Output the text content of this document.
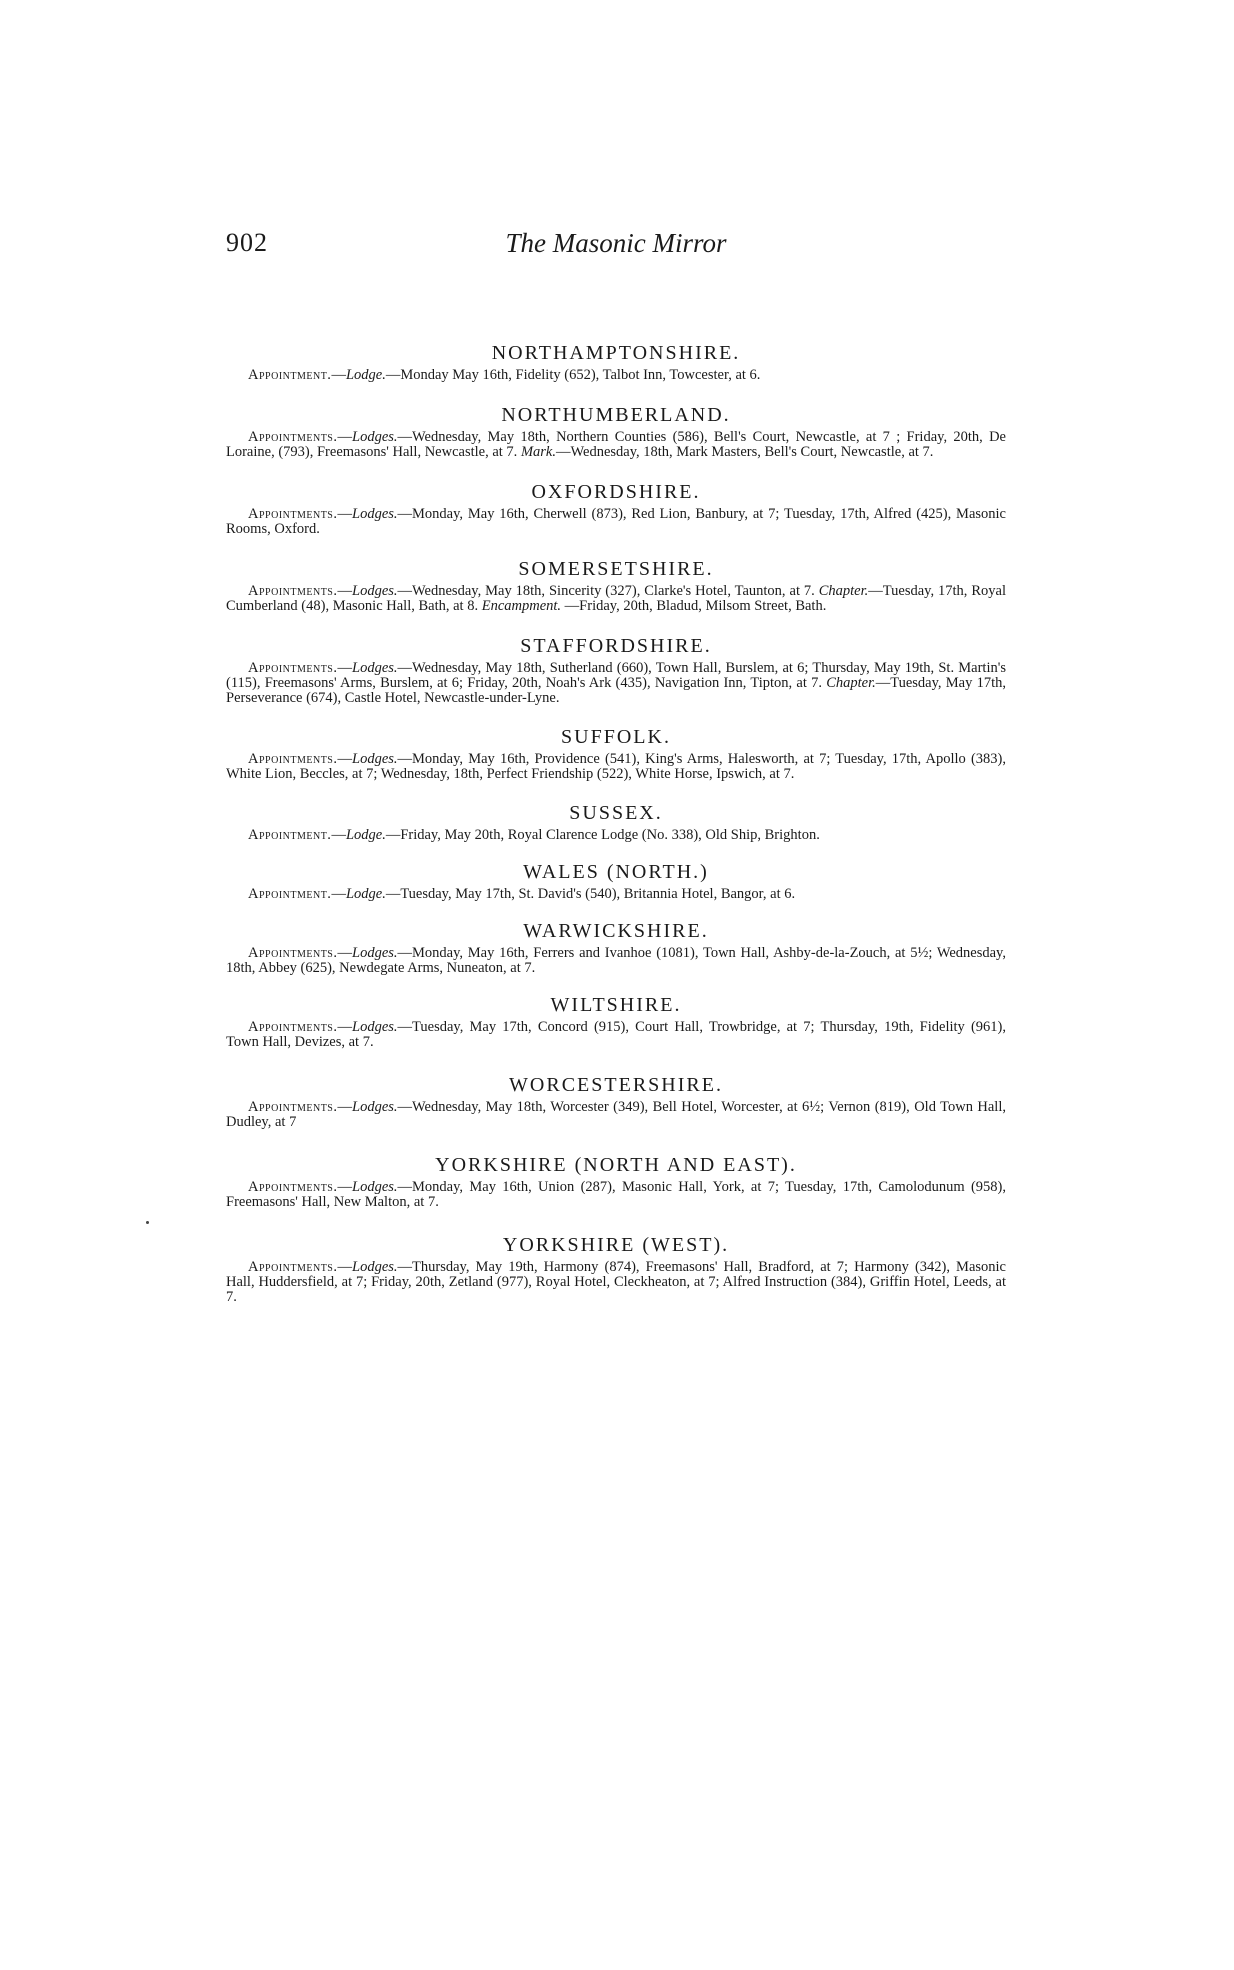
902	The Masonic Mirror
NORTHAMPTONSHIRE.

Appointment.—Lodge.—Monday May 16th, Fidelity (652), Talbot Inn, Towcester, at 6.

NORTHUMBERLAND.

Appointments.—Lodges.—Wednesday, May 18th, Northern Counties (586), Bell's Court, Newcastle, at 7 ; Friday, 20th, De Loraine, (793), Freemasons' Hall, Newcastle, at 7. Mark.—Wednesday, 18th, Mark Masters, Bell's Court, Newcastle, at 7.

OXFORDSHIRE.

Appointments.—Lodges.—Monday, May 16th, Cherwell (873), Red Lion, Banbury, at 7; Tuesday, 17th, Alfred (425), Masonic Rooms, Oxford.

SOMERSETSHIRE.

Appointments.—Lodges.—Wednesday, May 18th, Sincerity (327), Clarke's Hotel, Taunton, at 7. Chapter.—Tuesday, 17th, Royal Cumberland (48), Masonic Hall, Bath, at 8. Encampment. —Friday, 20th, Bladud, Milsom Street, Bath.

STAFFORDSHIRE.

Appointments.—Lodges.—Wednesday, May 18th, Sutherland (660), Town Hall, Burslem, at 6; Thursday, May 19th, St. Martin's (115), Freemasons' Arms, Burslem, at 6; Friday, 20th, Noah's Ark (435), Navigation Inn, Tipton, at 7. Chapter.—Tuesday, May 17th, Perseverance (674), Castle Hotel, Newcastle-under-Lyne.

SUFFOLK.

Appointments.—Lodges.—Monday, May 16th, Providence (541), King's Arms, Halesworth, at 7; Tuesday, 17th, Apollo (383), White Lion, Beccles, at 7; Wednesday, 18th, Perfect Friendship (522), White Horse, Ipswich, at 7.

SUSSEX.

Appointment.—Lodge.—Friday, May 20th, Royal Clarence Lodge (No. 338), Old Ship, Brighton.

WALES (NORTH.)

Appointment.—Lodge.—Tuesday, May 17th, St. David's (540), Britannia Hotel, Bangor, at 6.

WARWICKSHIRE.

Appointments.—Lodges.—Monday, May 16th, Ferrers and Ivanhoe (1081), Town Hall, Ashby-de-la-Zouch, at 5½; Wednesday, 18th, Abbey (625), Newdegate Arms, Nuneaton, at 7.

WILTSHIRE.

Appointments.—Lodges.—Tuesday, May 17th, Concord (915), Court Hall, Trowbridge, at 7; Thursday, 19th, Fidelity (961), Town Hall, Devizes, at 7.

WORCESTERSHIRE.

Appointments.—Lodges.—Wednesday, May 18th, Worcester (349), Bell Hotel, Worcester, at 6½; Vernon (819), Old Town Hall, Dudley, at 7

YORKSHIRE (NORTH AND EAST).

Appointments.—Lodges.—Monday, May 16th, Union (287), Masonic Hall, York, at 7; Tuesday, 17th, Camolodunum (958), Freemasons' Hall, New Malton, at 7.

YORKSHIRE (WEST).

Appointments.—Lodges.—Thursday, May 19th, Harmony (874), Freemasons' Hall, Bradford, at 7; Harmony (342), Masonic Hall, Huddersfield, at 7; Friday, 20th, Zetland (977), Royal Hotel, Cleckheaton, at 7; Alfred Instruction (384), Griffin Hotel, Leeds, at 7.
